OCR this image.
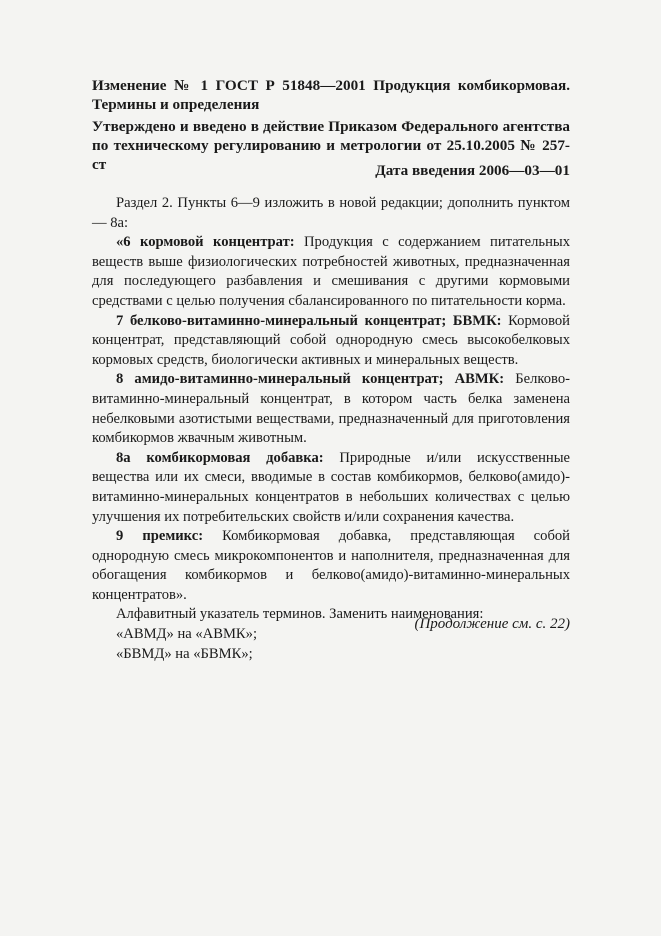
Изменение № 1 ГОСТ Р 51848—2001 Продукция комбикормовая. Термины и определения

Утверждено и введено в действие Приказом Федерального агентства по техническому регулированию и метрологии от 25.10.2005 № 257-ст	Дата введения 2006—03—01

Раздел 2. Пункты 6—9 изложить в новой редакции; дополнить пунктом — 8а:

«6 кормовой концентрат: Продукция с содержанием питательных веществ выше физиологических потребностей животных, предназначенная для последующего разбавления и смешивания с другими кормовыми средствами с целью получения сбалансированного по питательности корма.

7 белково-витаминно-минеральный концентрат; БВМК: Кормовой концентрат, представляющий собой однородную смесь высокобелковых кормовых средств, биологически активных и минеральных веществ.

8 амидо-витаминно-минеральный концентрат; АВМК: Белково-витаминно-минеральный концентрат, в котором часть белка заменена небелковыми азотистыми веществами, предназначенный для приготовления комбикормов жвачным животным.

8а комбикормовая добавка: Природные и/или искусственные вещества или их смеси, вводимые в состав комбикормов, белково(амидо)-витаминно-минеральных концентратов в небольших количествах с целью улучшения их потребительских свойств и/или сохранения качества.

9 премикс: Комбикормовая добавка, представляющая собой однородную смесь микрокомпонентов и наполнителя, предназначенная для обогащения комбикормов и белково(амидо)-витаминно-минеральных концентратов».

Алфавитный указатель терминов. Заменить наименования:

«АВМД» на «АВМК»;

«БВМД» на «БВМК»;

(Продолжение см. с. 22)
